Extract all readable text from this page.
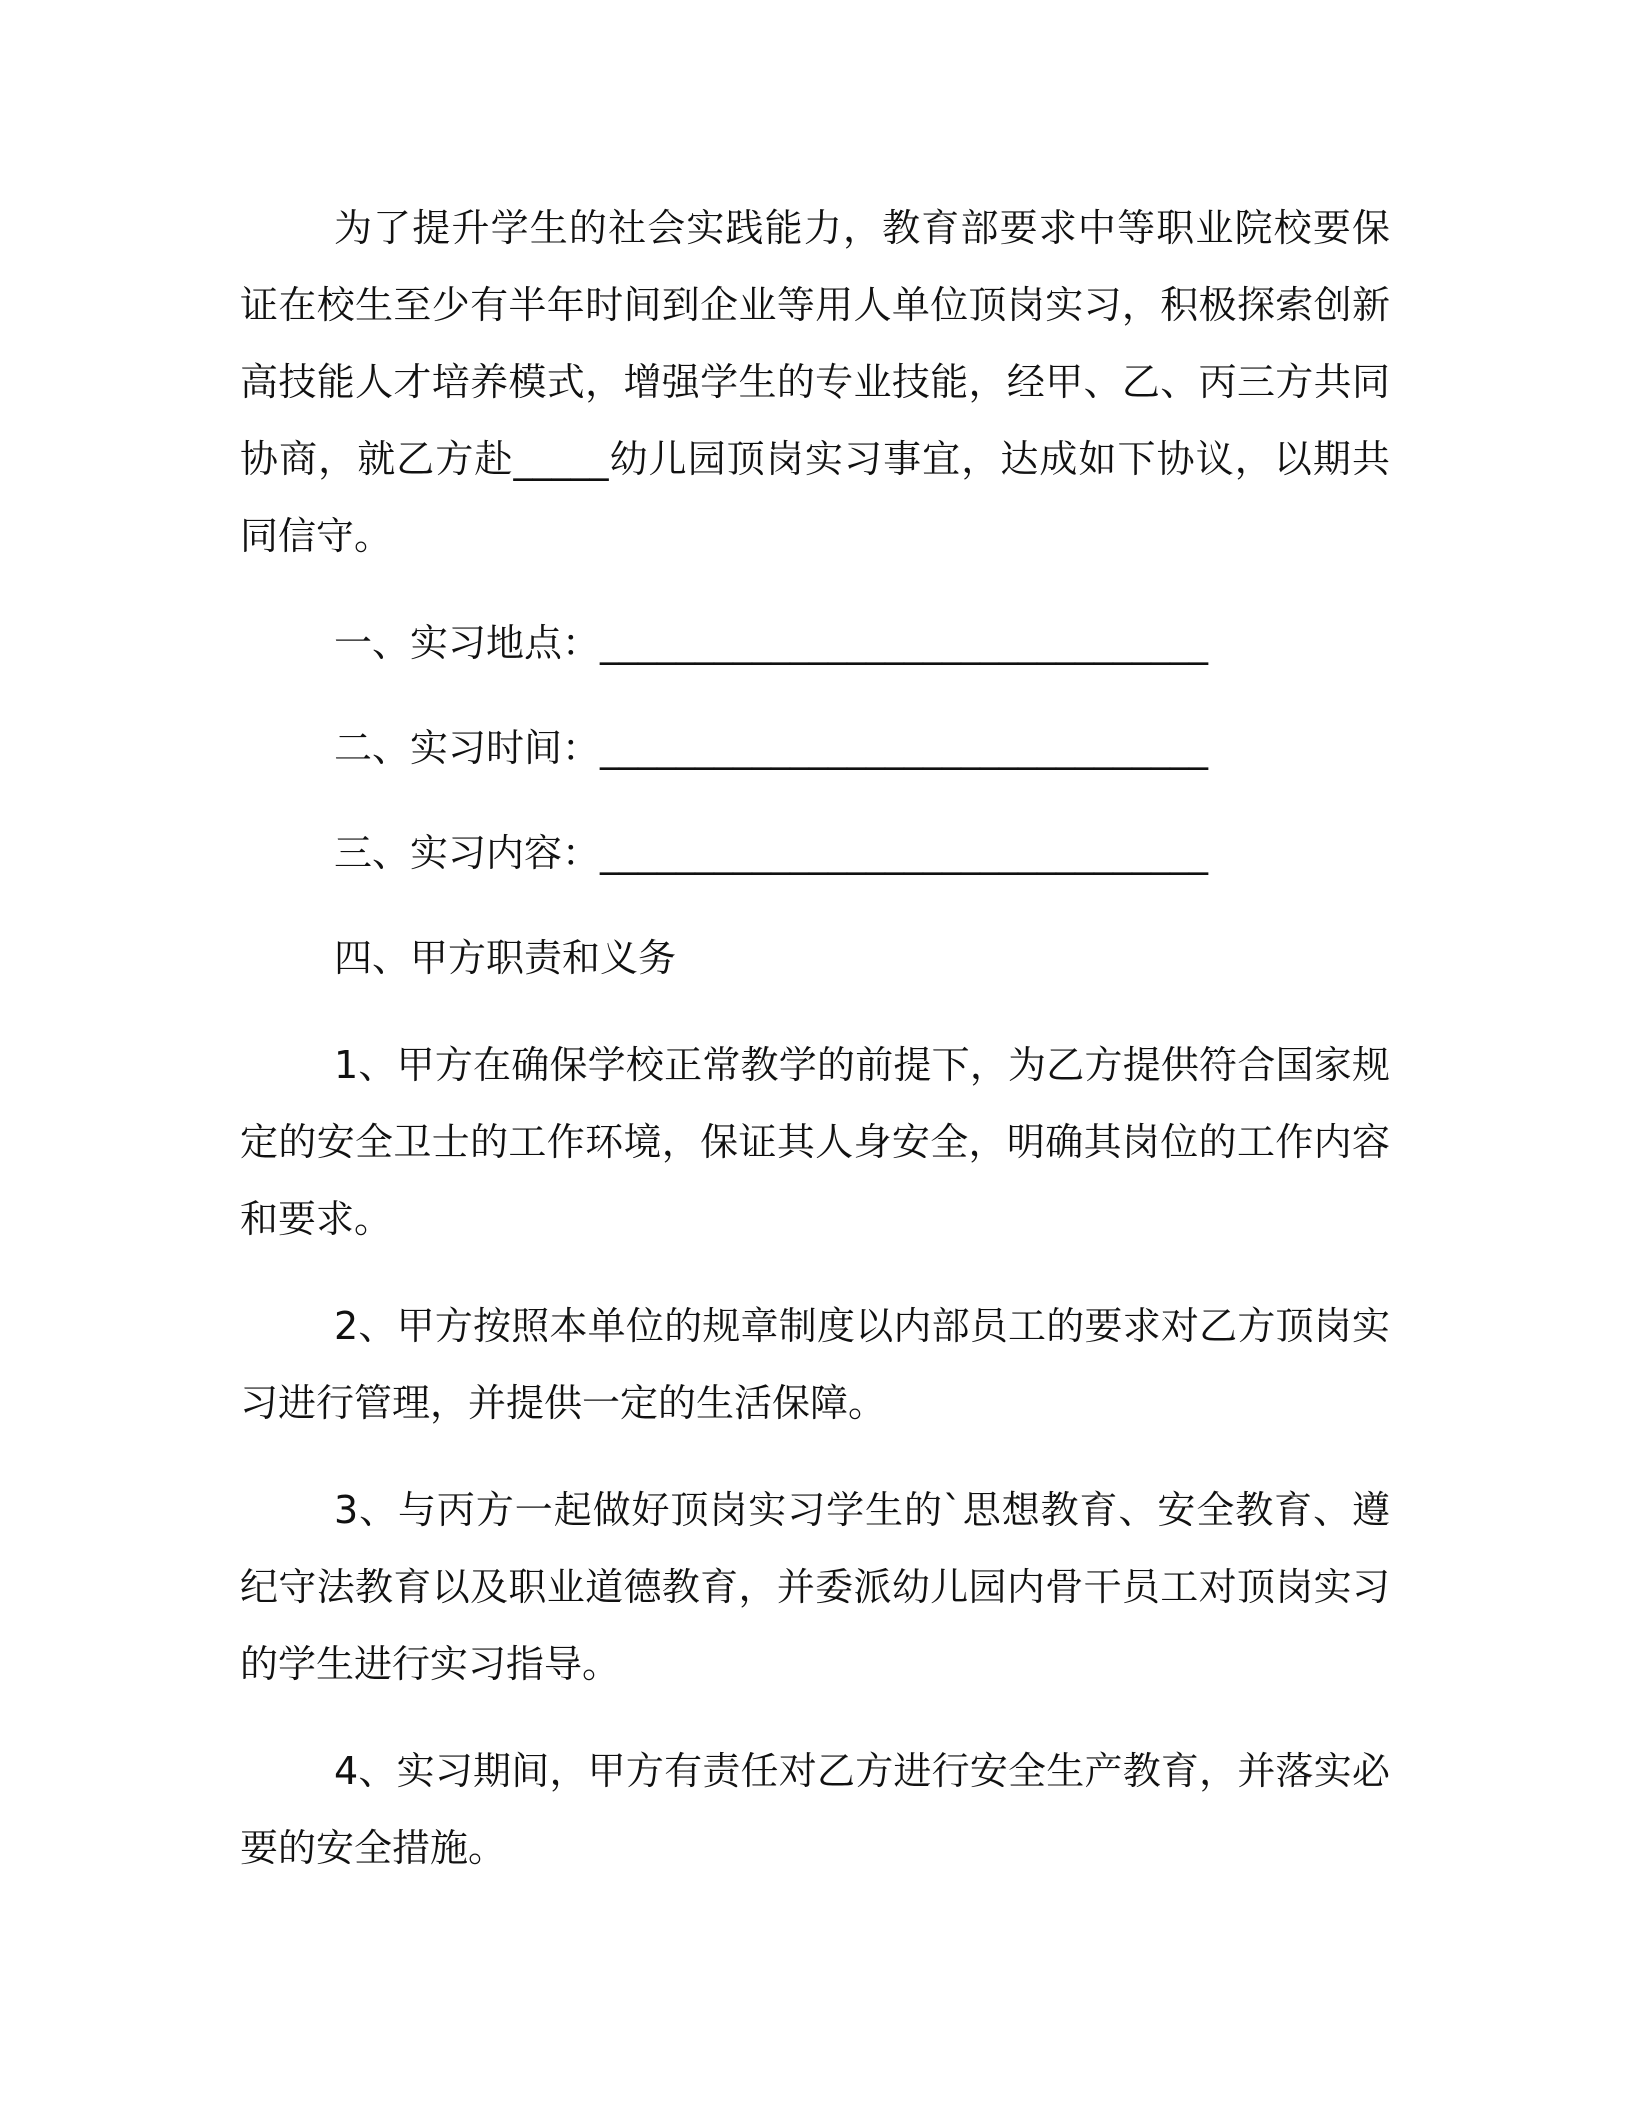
为了提升学生的社会实践能力，教育部要求中等职业院校要保证在校生至少有半年时间到企业等用人单位顶岗实习，积极探索创新高技能人才培养模式，增强学生的专业技能，经甲、乙、丙三方共同协商，就乙方赴_____幼儿园顶岗实习事宜，达成如下协议，以期共同信守。

一、实习地点：________________________________
二、实习时间：________________________________
三、实习内容：________________________________
四、甲方职责和义务

1、甲方在确保学校正常教学的前提下，为乙方提供符合国家规定的安全卫士的工作环境，保证其人身安全，明确其岗位的工作内容和要求。

2、甲方按照本单位的规章制度以内部员工的要求对乙方顶岗实习进行管理，并提供一定的生活保障。

3、与丙方一起做好顶岗实习学生的`思想教育、安全教育、遵纪守法教育以及职业道德教育，并委派幼儿园内骨干员工对顶岗实习的学生进行实习指导。

4、实习期间，甲方有责任对乙方进行安全生产教育，并落实必要的安全措施。
